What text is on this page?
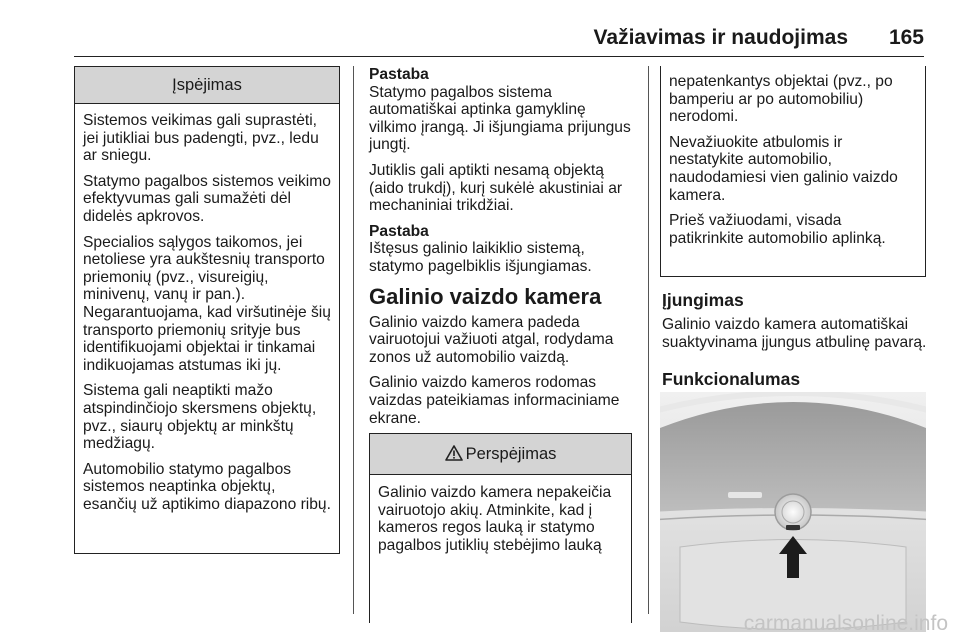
Važiavimas ir naudojimas 165
Įspėjimas

Sistemos veikimas gali suprastėti, jei jutikliai bus padengti, pvz., ledu ar sniegu.

Statymo pagalbos sistemos veikimo efektyvumas gali sumažėti dėl didelės apkrovos.

Specialios sąlygos taikomos, jei netoliese yra aukštesnių transporto priemonių (pvz., visureigių, minivenų, vanų ir pan.). Negarantuojama, kad viršutinėje šių transporto priemonių srityje bus identifikuojami objektai ir tinkamai indikuojamas atstumas iki jų.

Sistema gali neaptikti mažo atspindinčiojo skersmens objektų, pvz., siaurų objektų ar minkštų medžiagų.

Automobilio statymo pagalbos sistemos neaptinka objektų, esančių už aptikimo diapazono ribų.

Pastaba

Statymo pagalbos sistema automatiškai aptinka gamyklinę vilkimo įrangą. Ji išjungiama prijungus jungtį.

Jutiklis gali aptikti nesamą objektą (aido trukdį), kurį sukėlė akustiniai ar mechaniniai trikdžiai.

Pastaba

Ištęsus galinio laikiklio sistemą, statymo pagelbiklis išjungiamas.

Galinio vaizdo kamera

Galinio vaizdo kamera padeda vairuotojui važiuoti atgal, rodydama zonos už automobilio vaizdą.

Galinio vaizdo kameros rodomas vaizdas pateikiamas informaciniame ekrane.

Perspėjimas

Galinio vaizdo kamera nepakeičia vairuotojo akių. Atminkite, kad į kameros regos lauką ir statymo pagalbos jutiklių stebėjimo lauką

nepatenkantys objektai (pvz., po bamperiu ar po automobiliu) nerodomi.

Nevažiuokite atbulomis ir nestatykite automobilio, naudodamiesi vien galinio vaizdo kamera.

Prieš važiuodami, visada patikrinkite automobilio aplinką.

Įjungimas

Galinio vaizdo kamera automatiškai suaktyvinama įjungus atbulinę pavarą.

Funkcionalumas
carmanualsonline.info
